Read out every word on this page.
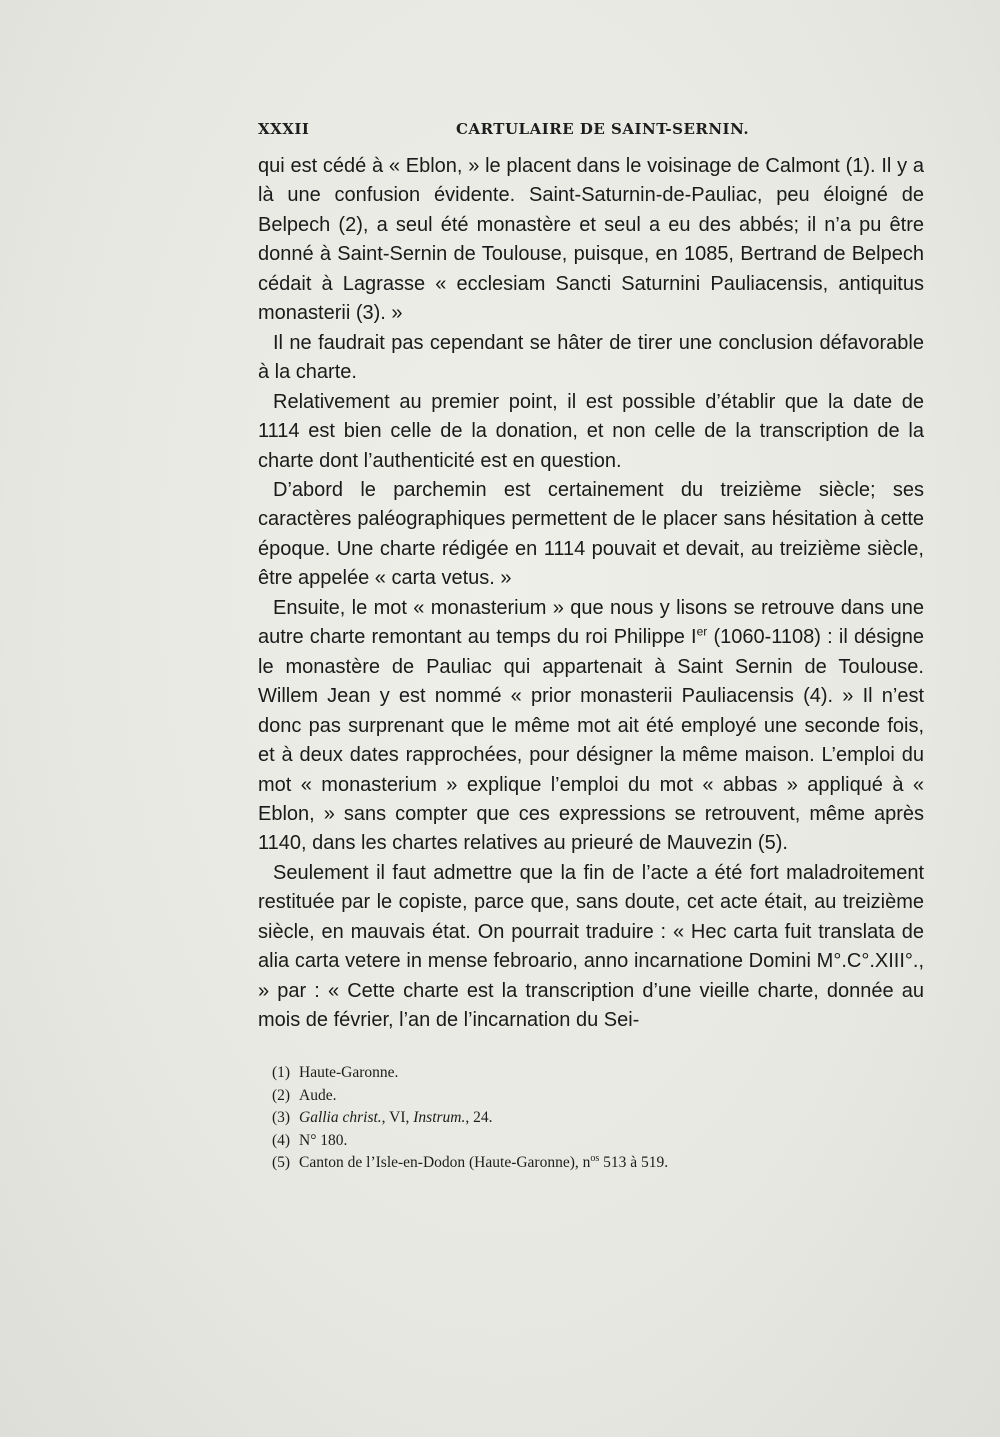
XXXII	CARTULAIRE DE SAINT-SERNIN.

qui est cédé à « Eblon, » le placent dans le voisinage de Calmont (1). Il y a là une confusion évidente. Saint-Saturnin-de-Pauliac, peu éloigné de Belpech (2), a seul été monastère et seul a eu des abbés; il n’a pu être donné à Saint-Sernin de Toulouse, puisque, en 1085, Bertrand de Belpech cédait à Lagrasse « ecclesiam Sancti Saturnini Pauliacensis, antiquitus monasterii (3). »

Il ne faudrait pas cependant se hâter de tirer une conclusion défavorable à la charte.

Relativement au premier point, il est possible d’établir que la date de 1114 est bien celle de la donation, et non celle de la transcription de la charte dont l’authenticité est en question.

D’abord le parchemin est certainement du treizième siècle; ses caractères paléographiques permettent de le placer sans hésitation à cette époque. Une charte rédigée en 1114 pouvait et devait, au treizième siècle, être appelée « carta vetus. »

Ensuite, le mot « monasterium » que nous y lisons se retrouve dans une autre charte remontant au temps du roi Philippe Ier (1060-1108) : il désigne le monastère de Pauliac qui appartenait à Saint Sernin de Toulouse. Willem Jean y est nommé « prior monasterii Pauliacensis (4). » Il n’est donc pas surprenant que le même mot ait été employé une seconde fois, et à deux dates rapprochées, pour désigner la même maison. L’emploi du mot « monasterium » explique l’emploi du mot « abbas » appliqué à « Eblon, » sans compter que ces expressions se retrouvent, même après 1140, dans les chartes relatives au prieuré de Mauvezin (5).

Seulement il faut admettre que la fin de l’acte a été fort maladroitement restituée par le copiste, parce que, sans doute, cet acte était, au treizième siècle, en mauvais état. On pourrait traduire : « Hec carta fuit translata de alia carta vetere in mense febroario, anno incarnatione Domini M°.C°.XIII°., » par : « Cette charte est la transcription d’une vieille charte, donnée au mois de février, l’an de l’incarnation du Sei-

(1) Haute-Garonne.
(2) Aude.
(3) Gallia christ., VI, Instrum., 24.
(4) N° 180.
(5) Canton de l’Isle-en-Dodon (Haute-Garonne), $n^{os}$ 513 à 519.
